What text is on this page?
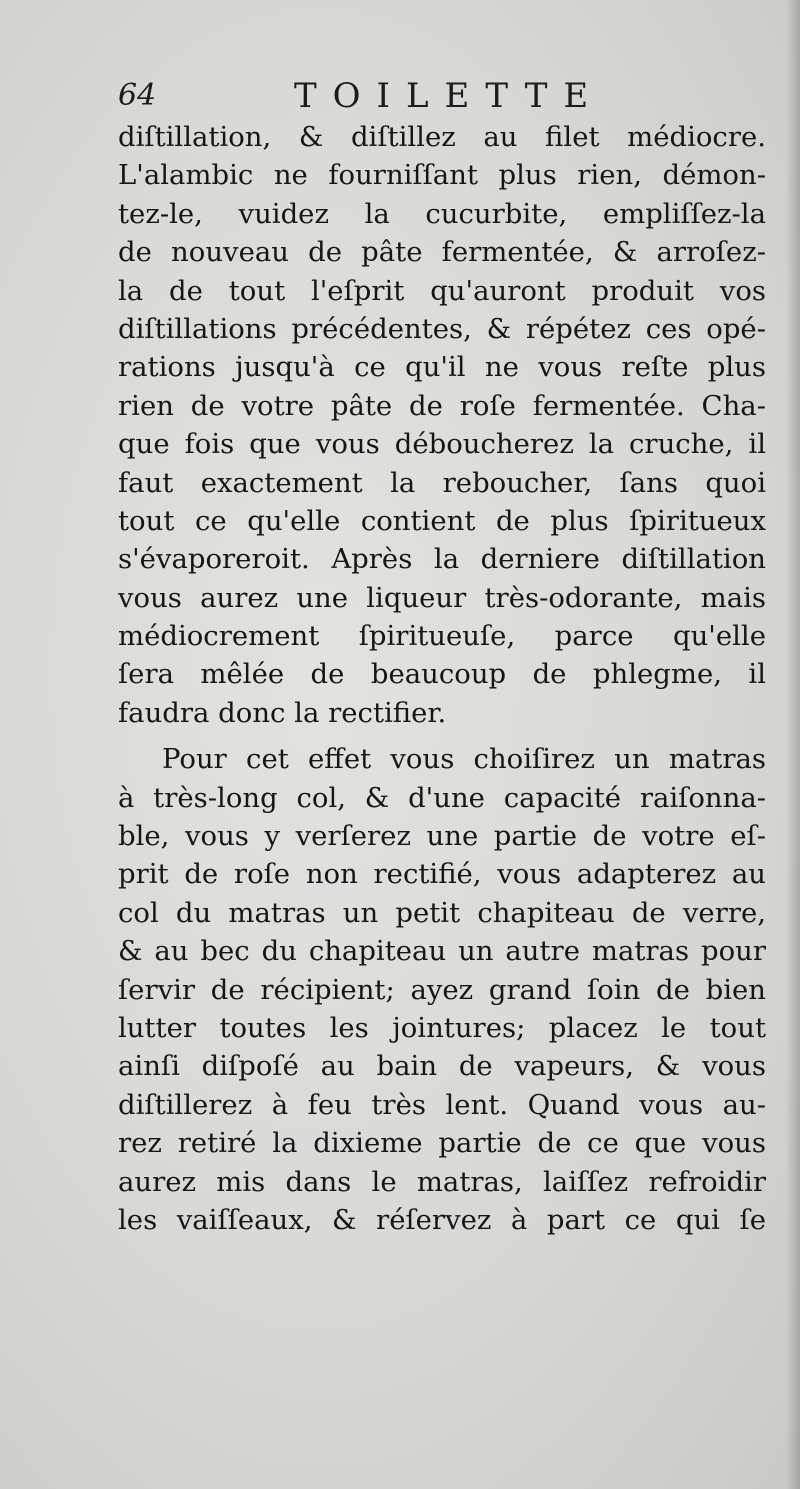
64	TOILETTE
diſtillation, & diſtillez au filet médiocre.
L'alambic ne fourniſſant plus rien, démon-
tez-le, vuidez la cucurbite, empliſſez-la
de nouveau de pâte fermentée, & arroſez-
la de tout l'eſprit qu'auront produit vos
diſtillations précédentes, & répétez ces opé-
rations jusqu'à ce qu'il ne vous reſte plus
rien de votre pâte de roſe fermentée. Cha-
que fois que vous déboucherez la cruche, il
faut exactement la reboucher, ſans quoi
tout ce qu'elle contient de plus ſpiritueux
s'évaporeroit. Après la derniere diſtillation
vous aurez une liqueur très-odorante, mais
médiocrement ſpiritueuſe, parce qu'elle
ſera mêlée de beaucoup de phlegme, il
faudra donc la rectifier.
Pour cet effet vous choiſirez un matras
à très-long col, & d'une capacité raiſonna-
ble, vous y verſerez une partie de votre eſ-
prit de roſe non rectifié, vous adapterez au
col du matras un petit chapiteau de verre,
& au bec du chapiteau un autre matras pour
ſervir de récipient; ayez grand ſoin de bien
lutter toutes les jointures; placez le tout
ainſi diſpoſé au bain de vapeurs, & vous
diſtillerez à feu très lent. Quand vous au-
rez retiré la dixieme partie de ce que vous
aurez mis dans le matras, laiſſez refroidir
les vaiſſeaux, & réſervez à part ce qui ſe
